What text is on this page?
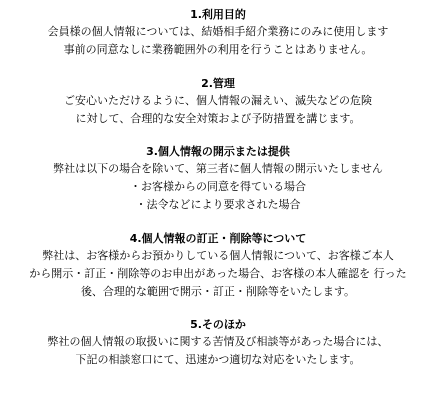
1.利用目的

会員様の個人情報については、結婚相手紹介業務にのみに使用します

事前の同意なしに業務範囲外の利用を行うことはありません。

2.管理

ご安心いただけるように、個人情報の漏えい、滅失などの危険

に対して、合理的な安全対策および予防措置を講じます。

3.個人情報の開示または提供

弊社は以下の場合を除いて、第三者に個人情報の開示いたしません

・お客様からの同意を得ている場合

・法令などにより要求された場合

4.個人情報の訂正・削除等について

弊社は、お客様からお預かりしている個人情報について、お客様ご本人

から開示・訂正・削除等のお申出があった場合、お客様の本人確認を 行った

後、合理的な範囲で開示・訂正・削除等をいたします。

5.そのほか

弊社の個人情報の取扱いに関する苦情及び相談等があった場合には、

下記の相談窓口にて、迅速かつ適切な対応をいたします。
